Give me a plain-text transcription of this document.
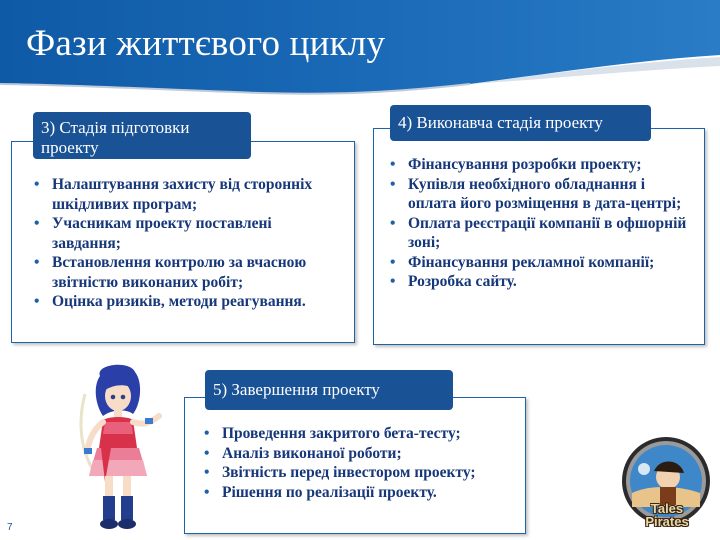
Фази життєвого циклу
3) Стадія підготовки проекту
• Налаштування захисту від сторонніх шкідливих програм;
• Учасникам проекту поставлені завдання;
• Встановлення контролю за вчасною звітністю виконаних робіт;
• Оцінка ризиків, методи реагування.
4) Виконавча стадія проекту
• Фінансування розробки проекту;
• Купівля необхідного обладнання і оплата його розміщення в дата-центрі;
• Оплата реєстрації компанії в офшорній зоні;
• Фінансування рекламної компанії;
• Розробка сайту.
5) Завершення проекту
• Проведення закритого бета-тесту;
• Аналіз виконаної роботи;
• Звітність перед інвестором проекту;
• Рішення по реалізації проекту.
Tales Pirates
7
